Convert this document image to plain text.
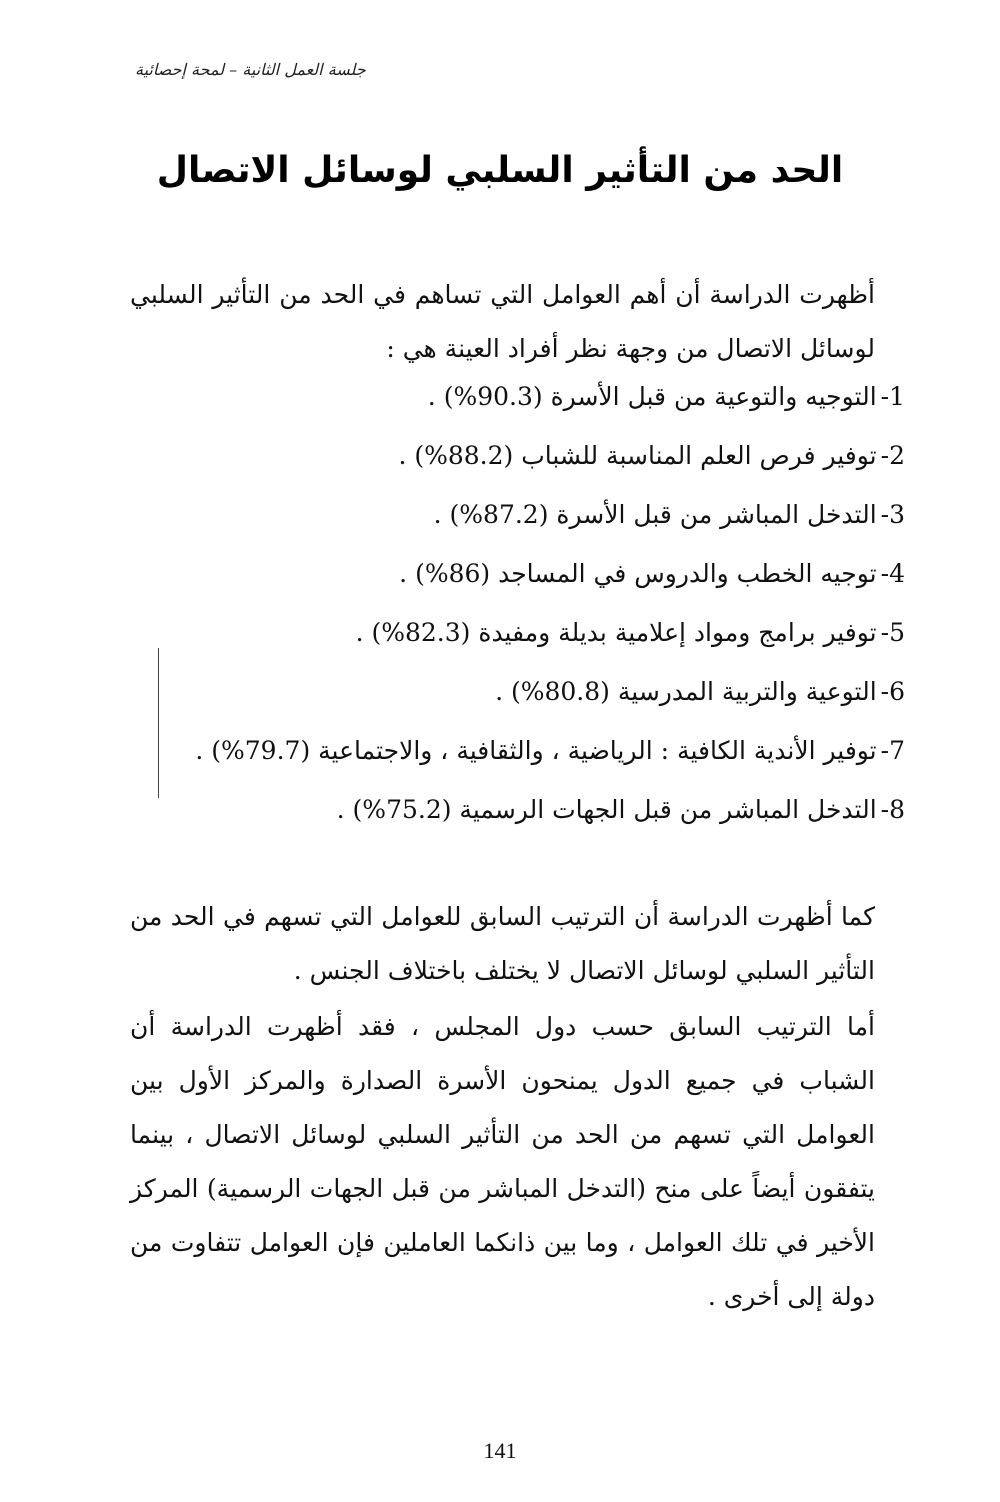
جلسة العمل الثانية – لمحة إحصائية
الحد من التأثير السلبي لوسائل الاتصال

أظهرت الدراسة أن أهم العوامل التي تساهم في الحد من التأثير السلبي لوسائل الاتصال من وجهة نظر أفراد العينة هي :

1-التوجيه والتوعية من قبل الأسرة (90.3%) .
2-توفير فرص العلم المناسبة للشباب (88.2%) .
3-التدخل المباشر من قبل الأسرة (87.2%) .
4-توجيه الخطب والدروس في المساجد (86%) .
5-توفير برامج ومواد إعلامية بديلة ومفيدة (82.3%) .
6-التوعية والتربية المدرسية (80.8%) .
7-توفير الأندية الكافية : الرياضية ، والثقافية ، والاجتماعية (79.7%) .
8-التدخل المباشر من قبل الجهات الرسمية (75.2%) .

كما أظهرت الدراسة أن الترتيب السابق للعوامل التي تسهم في الحد من التأثير السلبي لوسائل الاتصال لا يختلف باختلاف الجنس .

أما الترتيب السابق حسب دول المجلس ، فقد أظهرت الدراسة أن الشباب في جميع الدول يمنحون الأسرة الصدارة والمركز الأول بين العوامل التي تسهم من الحد من التأثير السلبي لوسائل الاتصال ، بينما يتفقون أيضاً على منح (التدخل المباشر من قبل الجهات الرسمية) المركز الأخير في تلك العوامل ، وما بين ذانكما العاملين فإن العوامل تتفاوت من دولة إلى أخرى .

141
